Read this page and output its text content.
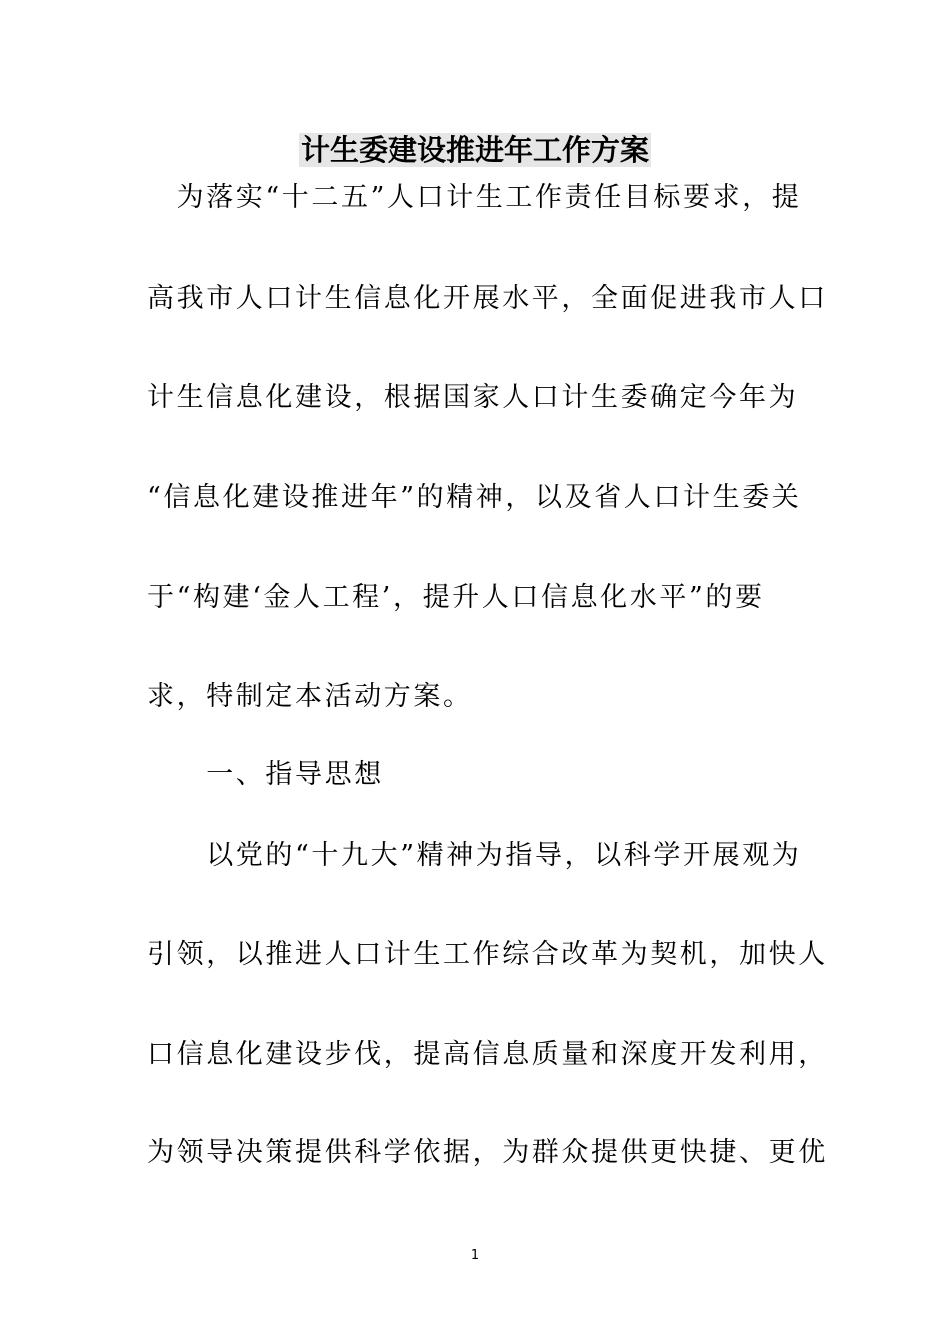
计生委建设推进年工作方案
　为落实“十二五”人口计生工作责任目标要求，提
高我市人口计生信息化开展水平，全面促进我市人口
计生信息化建设，根据国家人口计生委确定今年为
“信息化建设推进年”的精神，以及省人口计生委关
于“构建‘金人工程’，提升人口信息化水平”的要
求，特制定本活动方案。
　　一、指导思想
　　以党的“十九大”精神为指导，以科学开展观为
引领，以推进人口计生工作综合改革为契机，加快人
口信息化建设步伐，提高信息质量和深度开发利用，
为领导决策提供科学依据，为群众提供更快捷、更优
1
